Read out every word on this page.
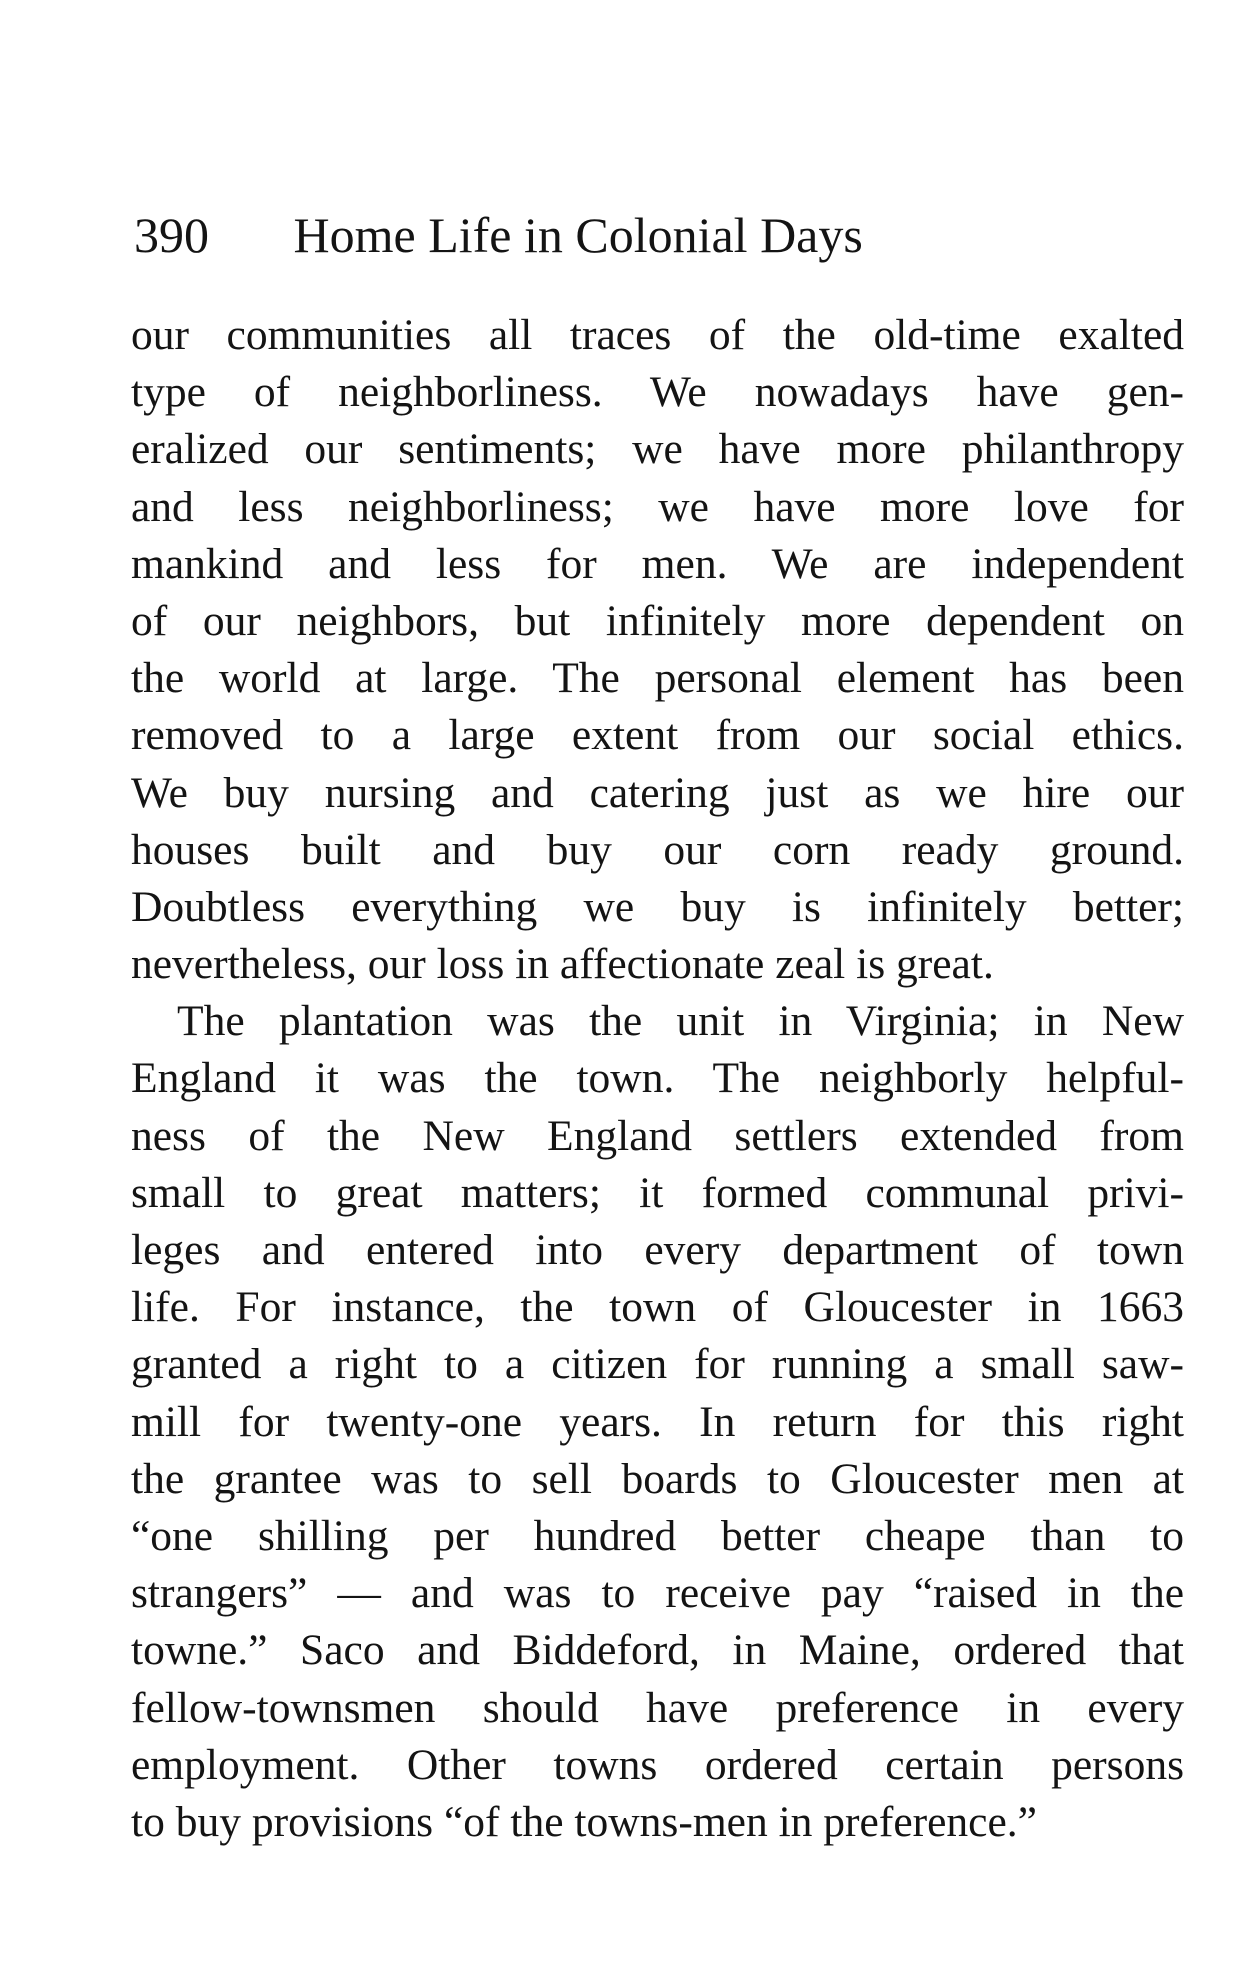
390 Home Life in Colonial Days
our communities all traces of the old-time exalted
type of neighborliness. We nowadays have gen-
eralized our sentiments; we have more philanthropy
and less neighborliness; we have more love for
mankind and less for men. We are independent
of our neighbors, but infinitely more dependent on
the world at large. The personal element has been
removed to a large extent from our social ethics.
We buy nursing and catering just as we hire our
houses built and buy our corn ready ground.
Doubtless everything we buy is infinitely better;
nevertheless, our loss in affectionate zeal is great.
The plantation was the unit in Virginia; in New
England it was the town. The neighborly helpful-
ness of the New England settlers extended from
small to great matters; it formed communal privi-
leges and entered into every department of town
life. For instance, the town of Gloucester in 1663
granted a right to a citizen for running a small saw-
mill for twenty-one years. In return for this right
the grantee was to sell boards to Gloucester men at
“one shilling per hundred better cheape than to
strangers” — and was to receive pay “raised in the
towne.” Saco and Biddeford, in Maine, ordered that
fellow-townsmen should have preference in every
employment. Other towns ordered certain persons
to buy provisions “of the towns-men in preference.”
